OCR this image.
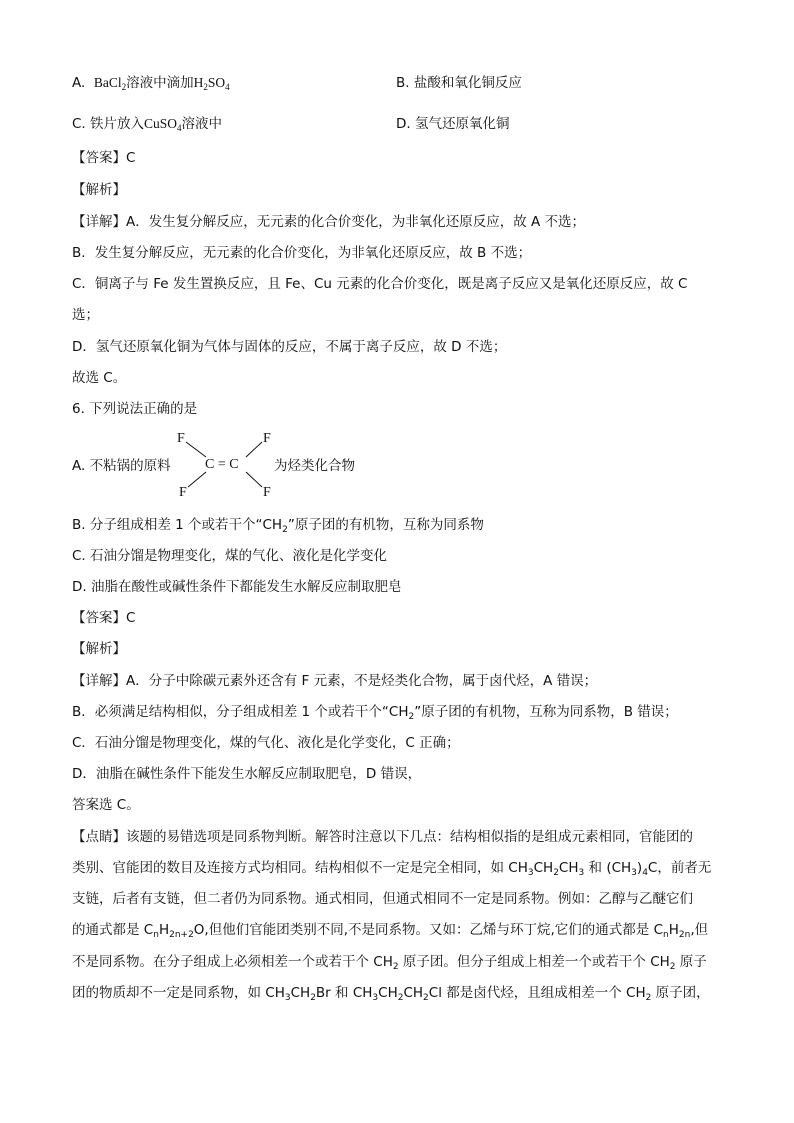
A. BaCl$_2$溶液中滴加$H_2SO_4$	B. 盐酸和氧化铜反应
C. 铁片放入CuSO$_4$溶液中	D. 氢气还原氧化铜
【答案】C
【解析】
【详解】A．发生复分解反应，无元素的化合价变化，为非氧化还原反应，故 A 不选；
B．发生复分解反应，无元素的化合价变化，为非氧化还原反应，故 B 不选；
C．铜离子与 Fe 发生置换反应，且 Fe、Cu 元素的化合价变化，既是离子反应又是氧化还原反应，故 C
选；
D．氢气还原氧化铜为气体与固体的反应，不属于离子反应，故 D 不选；
故选 C。
6. 下列说法正确的是
A. 不粘锅的原料
F	F
C = C
F	F
为烃类化合物
B. 分子组成相差 1 个或若干个“$CH_2$”原子团的有机物，互称为同系物
C. 石油分馏是物理变化，煤的气化、液化是化学变化
D. 油脂在酸性或碱性条件下都能发生水解反应制取肥皂
【答案】C
【解析】
【详解】A．分子中除碳元素外还含有 F 元素，不是烃类化合物，属于卤代烃，A 错误；
B．必须满足结构相似，分子组成相差 1 个或若干个“$CH_2$”原子团的有机物，互称为同系物，B 错误；
C．石油分馏是物理变化，煤的气化、液化是化学变化，C 正确；
D．油脂在碱性条件下能发生水解反应制取肥皂，D 错误，
答案选 C。
【点睛】该题的易错选项是同系物判断。解答时注意以下几点：结构相似指的是组成元素相同，官能团的
类别、官能团的数目及连接方式均相同。结构相似不一定是完全相同，如 $CH_3CH_2CH_3$ 和 $(CH_3)_4C$，前者无
支链，后者有支链，但二者仍为同系物。通式相同，但通式相同不一定是同系物。例如：乙醇与乙醚它们
的通式都是 $C_nH_{2n+2}O$,但他们官能团类别不同,不是同系物。又如：乙烯与环丁烷,它们的通式都是 $C_nH_{2n}$,但
不是同系物。在分子组成上必须相差一个或若干个 $CH_2$ 原子团。但分子组成上相差一个或若干个 $CH_2$ 原子
团的物质却不一定是同系物，如 $CH_3CH_2Br$ 和 $CH_3CH_2CH_2Cl$ 都是卤代烃，且组成相差一个 $CH_2$ 原子团，
